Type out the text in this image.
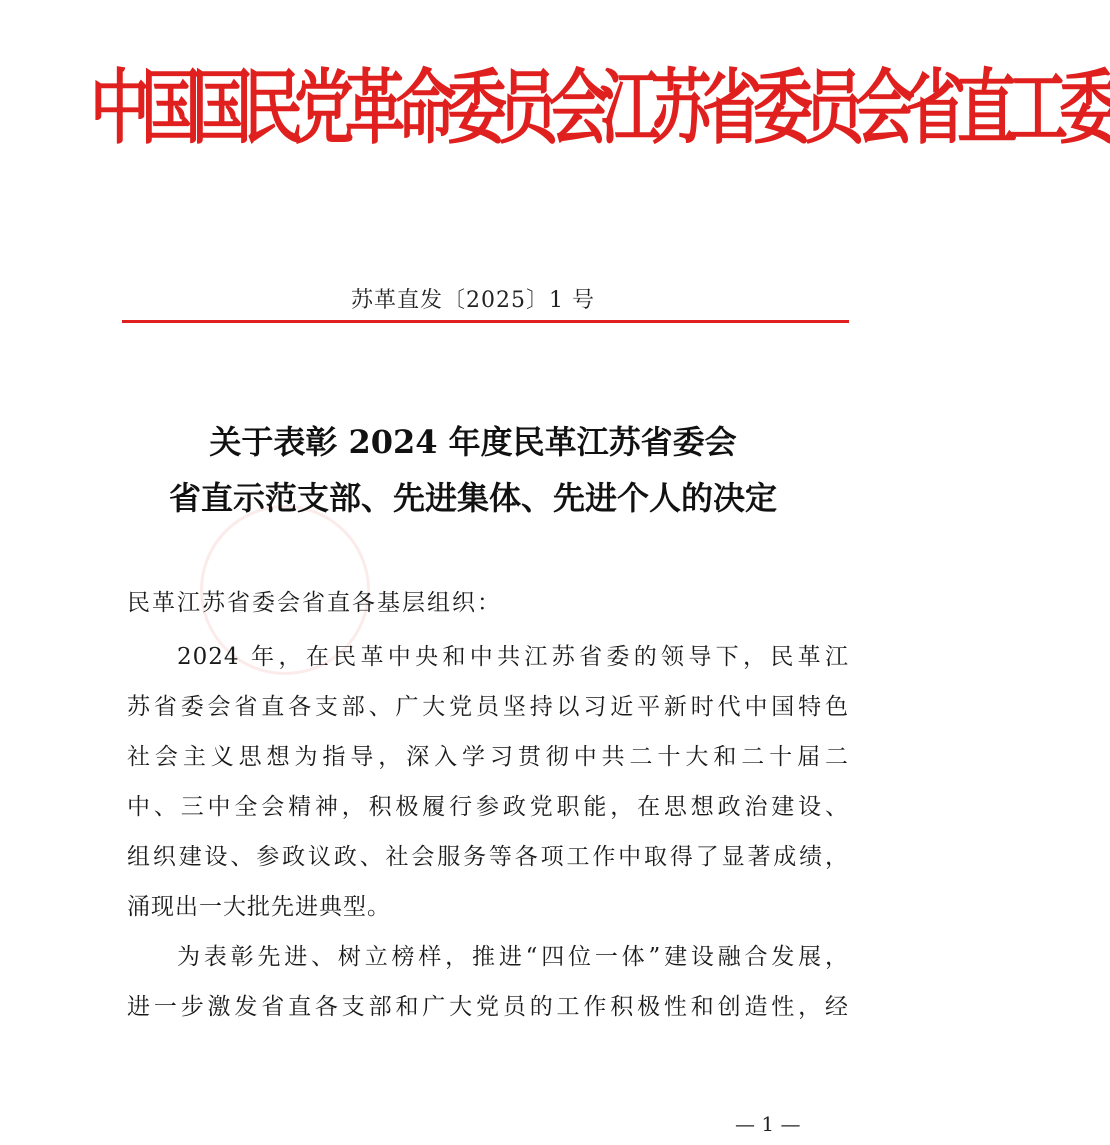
中国国民党革命委员会江苏省委员会省直工委
苏革直发〔2025〕1 号
关于表彰 2024 年度民革江苏省委会
省直示范支部、先进集体、先进个人的决定
民革江苏省委会省直各基层组织：
2024 年，在民革中央和中共江苏省委的领导下，民革江
苏省委会省直各支部、广大党员坚持以习近平新时代中国特色
社会主义思想为指导，深入学习贯彻中共二十大和二十届二
中、三中全会精神，积极履行参政党职能，在思想政治建设、
组织建设、参政议政、社会服务等各项工作中取得了显著成绩，
涌现出一大批先进典型。
为表彰先进、树立榜样，推进“四位一体”建设融合发展，
进一步激发省直各支部和广大党员的工作积极性和创造性，经
— 1 —
